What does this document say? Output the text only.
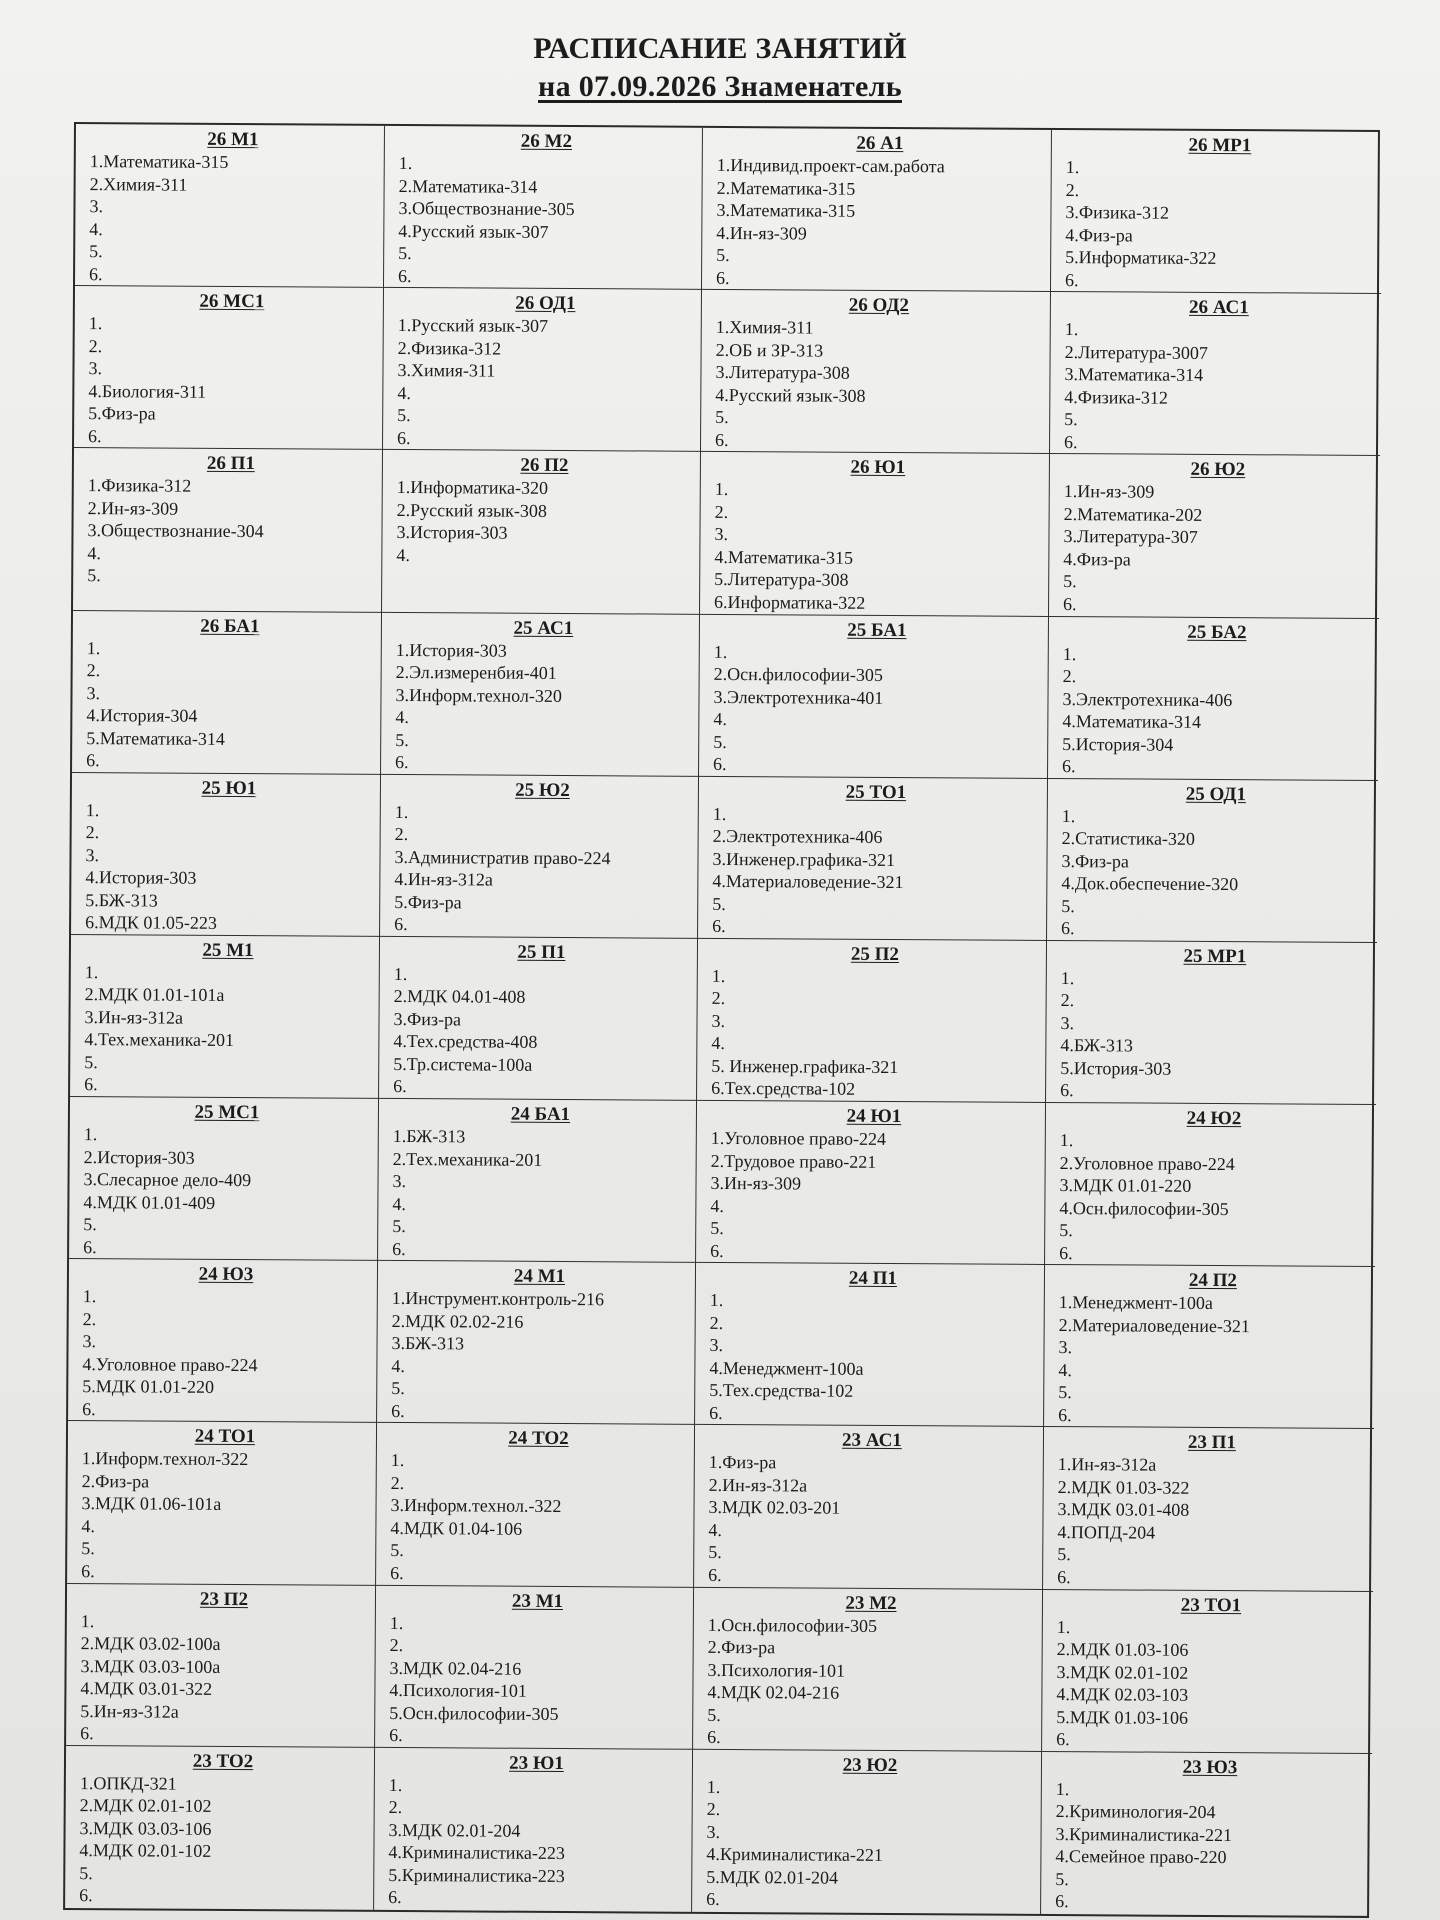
РАСПИСАНИЕ ЗАНЯТИЙ
на 07.09.2026 Знаменатель
26 М1
1.Математика-315
2.Химия-311
3.
4.
5.
6.
26 М2
1.
2.Математика-314
3.Обществознание-305
4.Русский язык-307
5.
6.
26 А1
1.Индивид.проект-сам.работа
2.Математика-315
3.Математика-315
4.Ин-яз-309
5.
6.
26 МР1
1.
2.
3.Физика-312
4.Физ-ра
5.Информатика-322
6.
26 МС1
1.
2.
3.
4.Биология-311
5.Физ-ра
6.
26 ОД1
1.Русский язык-307
2.Физика-312
3.Химия-311
4.
5.
6.
26 ОД2
1.Химия-311
2.ОБ и ЗР-313
3.Литература-308
4.Русский язык-308
5.
6.
26 АС1
1.
2.Литература-3007
3.Математика-314
4.Физика-312
5.
6.
26 П1
1.Физика-312
2.Ин-яз-309
3.Обществознание-304
4.
5.
26 П2
1.Информатика-320
2.Русский язык-308
3.История-303
4.
26 Ю1
1.
2.
3.
4.Математика-315
5.Литература-308
6.Информатика-322
26 Ю2
1.Ин-яз-309
2.Математика-202
3.Литература-307
4.Физ-ра
5.
6.
26 БА1
1.
2.
3.
4.История-304
5.Математика-314
6.
25 АС1
1.История-303
2.Эл.измеренбия-401
3.Информ.технол-320
4.
5.
6.
25 БА1
1.
2.Осн.философии-305
3.Электротехника-401
4.
5.
6.
25 БА2
1.
2.
3.Электротехника-406
4.Математика-314
5.История-304
6.
25 Ю1
1.
2.
3.
4.История-303
5.БЖ-313
6.МДК 01.05-223
25 Ю2
1.
2.
3.Административ право-224
4.Ин-яз-312а
5.Физ-ра
6.
25 ТО1
1.
2.Электротехника-406
3.Инженер.графика-321
4.Материаловедение-321
5.
6.
25 ОД1
1.
2.Статистика-320
3.Физ-ра
4.Док.обеспечение-320
5.
6.
25 М1
1.
2.МДК 01.01-101а
3.Ин-яз-312а
4.Тех.механика-201
5.
6.
25 П1
1.
2.МДК 04.01-408
3.Физ-ра
4.Тех.средства-408
5.Тр.система-100а
6.
25 П2
1.
2.
3.
4.
5. Инженер.графика-321
6.Тех.средства-102
25 МР1
1.
2.
3.
4.БЖ-313
5.История-303
6.
25 МС1
1.
2.История-303
3.Слесарное дело-409
4.МДК 01.01-409
5.
6.
24 БА1
1.БЖ-313
2.Тех.механика-201
3.
4.
5.
6.
24 Ю1
1.Уголовное право-224
2.Трудовое право-221
3.Ин-яз-309
4.
5.
6.
24 Ю2
1.
2.Уголовное право-224
3.МДК 01.01-220
4.Осн.философии-305
5.
6.
24 Ю3
1.
2.
3.
4.Уголовное право-224
5.МДК 01.01-220
6.
24 М1
1.Инструмент.контроль-216
2.МДК 02.02-216
3.БЖ-313
4.
5.
6.
24 П1
1.
2.
3.
4.Менеджмент-100а
5.Тех.средства-102
6.
24 П2
1.Менеджмент-100а
2.Материаловедение-321
3.
4.
5.
6.
24 ТО1
1.Информ.технол-322
2.Физ-ра
3.МДК 01.06-101а
4.
5.
6.
24 ТО2
1.
2.
3.Информ.технол.-322
4.МДК 01.04-106
5.
6.
23 АС1
1.Физ-ра
2.Ин-яз-312а
3.МДК 02.03-201
4.
5.
6.
23 П1
1.Ин-яз-312а
2.МДК 01.03-322
3.МДК 03.01-408
4.ПОПД-204
5.
6.
23 П2
1.
2.МДК 03.02-100а
3.МДК 03.03-100а
4.МДК 03.01-322
5.Ин-яз-312а
6.
23 М1
1.
2.
3.МДК 02.04-216
4.Психология-101
5.Осн.философии-305
6.
23 М2
1.Осн.философии-305
2.Физ-ра
3.Психология-101
4.МДК 02.04-216
5.
6.
23 ТО1
1.
2.МДК 01.03-106
3.МДК 02.01-102
4.МДК 02.03-103
5.МДК 01.03-106
6.
23 ТО2
1.ОПКД-321
2.МДК 02.01-102
3.МДК 03.03-106
4.МДК 02.01-102
5.
6.
23 Ю1
1.
2.
3.МДК 02.01-204
4.Криминалистика-223
5.Криминалистика-223
6.
23 Ю2
1.
2.
3.
4.Криминалистика-221
5.МДК 02.01-204
6.
23 Ю3
1.
2.Криминология-204
3.Криминалистика-221
4.Семейное право-220
5.
6.
